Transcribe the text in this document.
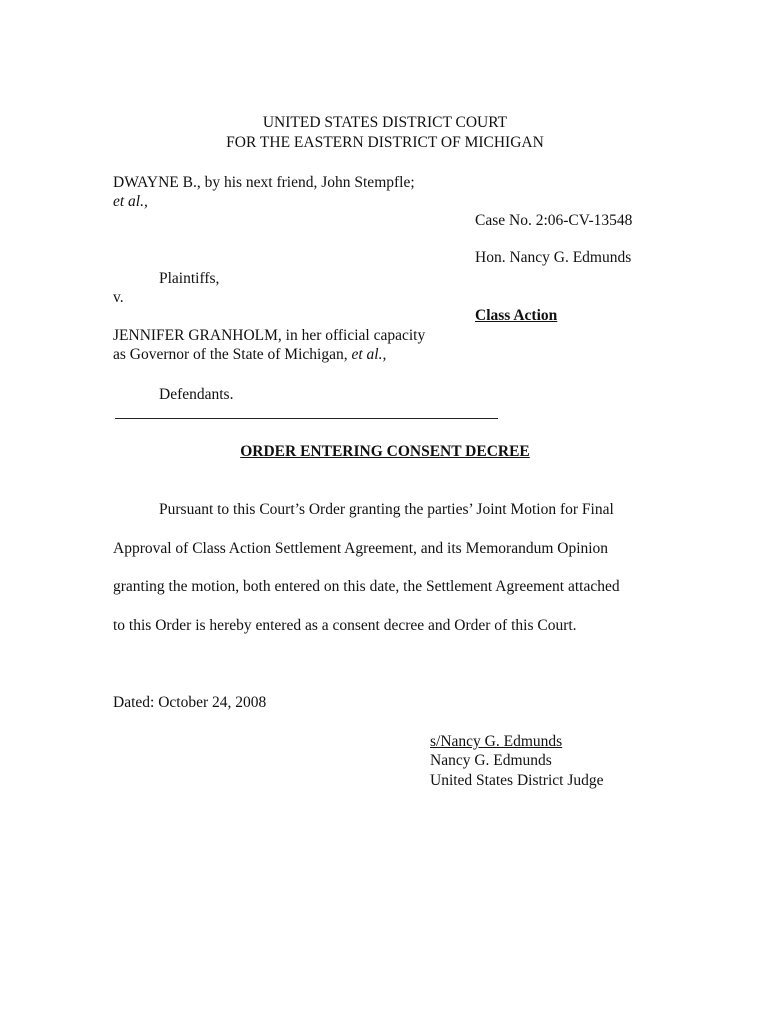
UNITED STATES DISTRICT COURT
FOR THE EASTERN DISTRICT OF MICHIGAN
DWAYNE B., by his next friend, John Stempfle;
et al.,
Plaintiffs,
v.
JENNIFER GRANHOLM, in her official capacity
as Governor of the State of Michigan, et al.,
Defendants.
Case No. 2:06-CV-13548
Hon. Nancy G. Edmunds
Class Action
ORDER ENTERING CONSENT DECREE
Pursuant to this Court’s Order granting the parties’ Joint Motion for Final
Approval of Class Action Settlement Agreement, and its Memorandum Opinion
granting the motion, both entered on this date, the Settlement Agreement attached
to this Order is hereby entered as a consent decree and Order of this Court.
Dated: October 24, 2008
s/Nancy G. Edmunds
Nancy G. Edmunds
United States District Judge
